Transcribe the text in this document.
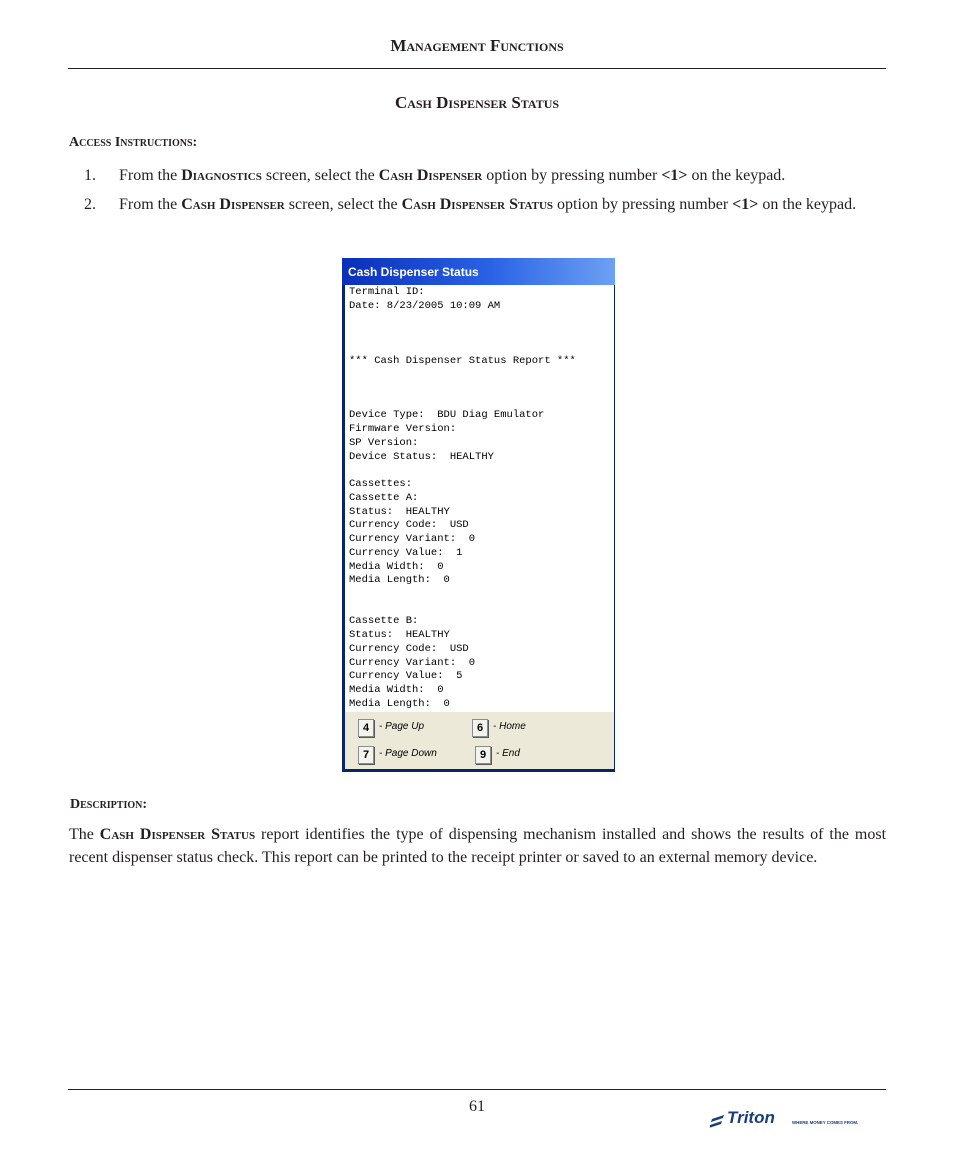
Management Functions
Cash Dispenser Status
Access Instructions:
1. From the Diagnostics screen, select the Cash Dispenser option by pressing number <1> on the keypad.
2. From the Cash Dispenser screen, select the Cash Dispenser Status option by pressing number <1> on the keypad.
Cash Dispenser Status
Terminal ID:
Date: 8/23/2005 10:09 AM
*** Cash Dispenser Status Report ***
Device Type:  BDU Diag Emulator
Firmware Version:
SP Version:
Device Status:  HEALTHY
Cassettes:
Cassette A:
Status:  HEALTHY
Currency Code:  USD
Currency Variant:  0
Currency Value:  1
Media Width:  0
Media Length:  0
Cassette B:
Status:  HEALTHY
Currency Code:  USD
Currency Variant:  0
Currency Value:  5
Media Width:  0
Media Length:  0
4 - Page Up	6 - Home
7 - Page Down	9 - End
Description:
The Cash Dispenser Status report identifies the type of dispensing mechanism installed and shows the results of the most recent dispenser status check. This report can be printed to the receipt printer or saved to an external memory device.
61
Triton	WHERE MONEY COMES FROM.
